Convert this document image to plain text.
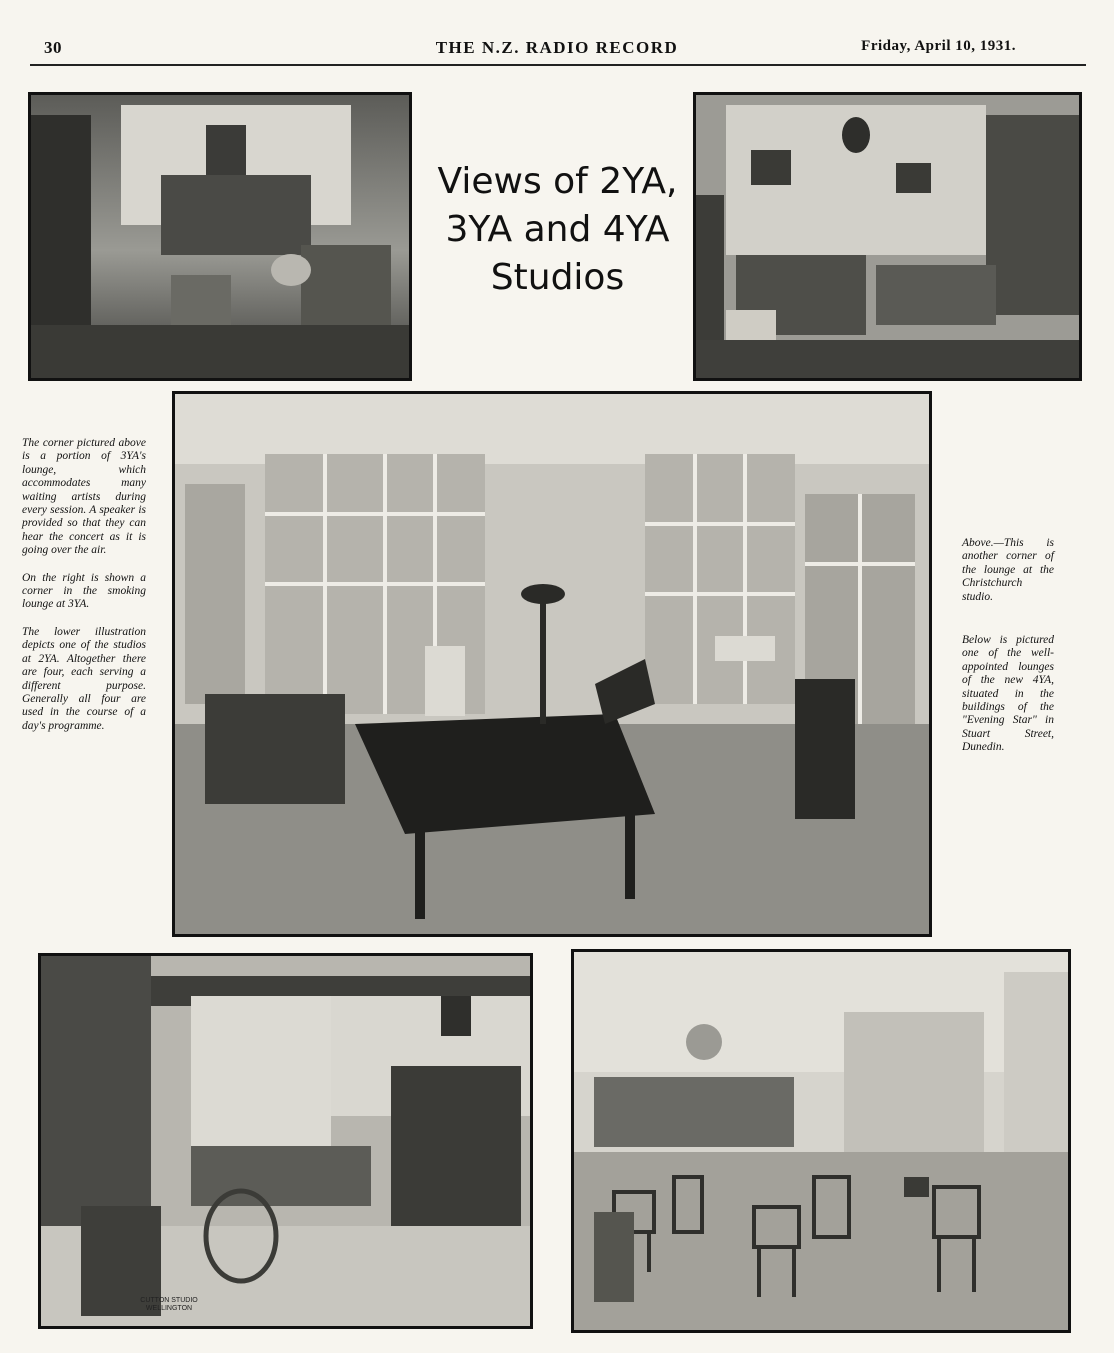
30	THE N.Z. RADIO RECORD	Friday, April 10, 1931.
Views of 2YA,
3YA and 4YA
Studios

The corner pictured above is a portion of 3YA's lounge, which accommodates many waiting artists during every session. A speaker is provided so that they can hear the concert as it is going over the air.

On the right is shown a corner in the smoking lounge at 3YA.

The lower illustration depicts one of the studios at 2YA. Altogether there are four, each serving a different purpose. Generally all four are used in the course of a day's programme.

Above.—This is another corner of the lounge at the Christchurch studio.

Below is pictured one of the well-appointed lounges of the new 4YA, situated in the buildings of the "Evening Star" in Stuart Street, Dunedin.

CUTTON STUDIO
WELLINGTON
